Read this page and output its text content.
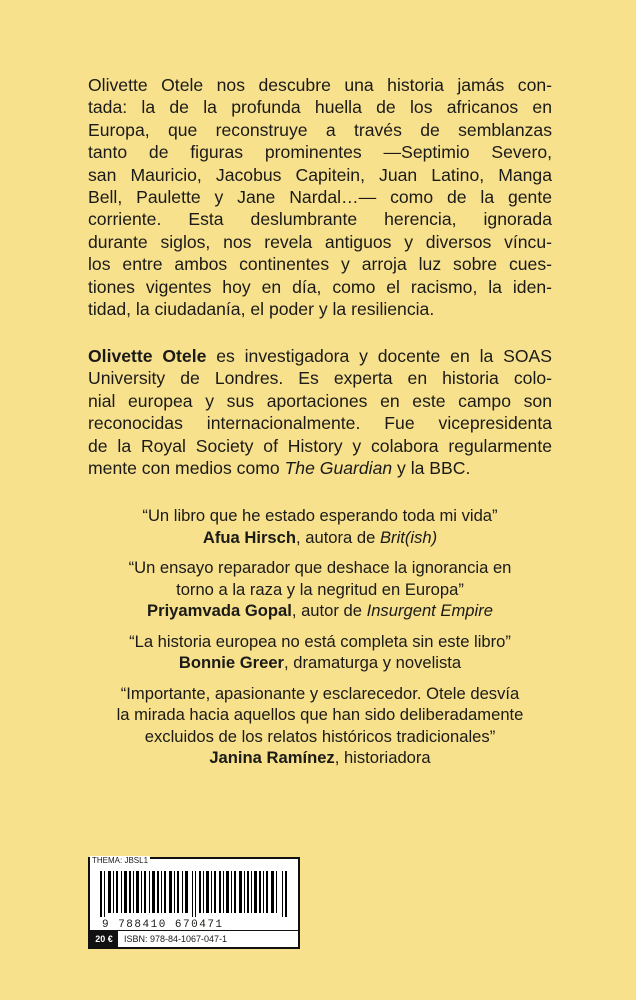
Olivette Otele nos descubre una historia jamás con-
tada: la de la profunda huella de los africanos en
Europa, que reconstruye a través de semblanzas
tanto de figuras prominentes —Septimio Severo,
san Mauricio, Jacobus Capitein, Juan Latino, Manga
Bell, Paulette y Jane Nardal…— como de la gente
corriente. Esta deslumbrante herencia, ignorada
durante siglos, nos revela antiguos y diversos víncu-
los entre ambos continentes y arroja luz sobre cues-
tiones vigentes hoy en día, como el racismo, la iden-
tidad, la ciudadanía, el poder y la resiliencia.
Olivette Otele es investigadora y docente en la SOAS
University de Londres. Es experta en historia colo-
nial europea y sus aportaciones en este campo son
reconocidas internacionalmente. Fue vicepresidenta
de la Royal Society of History y colabora regularmente
mente con medios como The Guardian y la BBC.
“Un libro que he estado esperando toda mi vida”
Afua Hirsch, autora de Brit(ish)
“Un ensayo reparador que deshace la ignorancia en
torno a la raza y la negritud en Europa”
Priyamvada Gopal, autor de Insurgent Empire
“La historia europea no está completa sin este libro”
Bonnie Greer, dramaturga y novelista
“Importante, apasionante y esclarecedor. Otele desvía
la mirada hacia aquellos que han sido deliberadamente
excluidos de los relatos históricos tradicionales”
Janina Ramínez, historiadora
9 788410 670471
20 €	ISBN: 978-84-1067-047-1
THEMA: JBSL1
